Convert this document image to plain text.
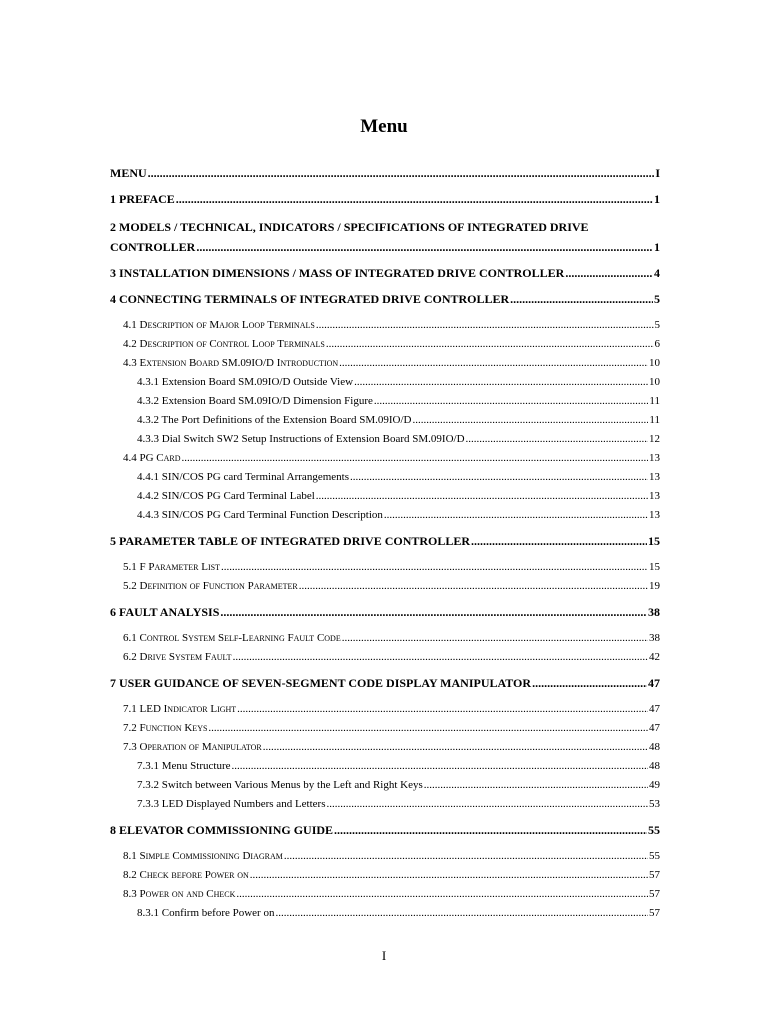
Menu
MENU .....	I
1 PREFACE .....	1
2 MODELS / TECHNICAL, INDICATORS / SPECIFICATIONS OF INTEGRATED DRIVE
CONTROLLER .....	1
3 INSTALLATION DIMENSIONS / MASS OF INTEGRATED DRIVE CONTROLLER .....	4
4 CONNECTING TERMINALS OF INTEGRATED DRIVE CONTROLLER .....	5
4.1 Description of Major Loop Terminals .....	5
4.2 Description of Control Loop Terminals .....	6
4.3 Extension Board SM.09IO/D Introduction .....	10
4.3.1 Extension Board SM.09IO/D Outside View .....	10
4.3.2 Extension Board SM.09IO/D Dimension Figure .....	11
4.3.2 The Port Definitions of the Extension Board SM.09IO/D .....	11
4.3.3 Dial Switch SW2 Setup Instructions of Extension Board SM.09IO/D .....	12
4.4 PG Card .....	13
4.4.1 SIN/COS PG card Terminal Arrangements .....	13
4.4.2 SIN/COS PG Card Terminal Label .....	13
4.4.3 SIN/COS PG Card Terminal Function Description .....	13
5 PARAMETER TABLE OF INTEGRATED DRIVE CONTROLLER .....	15
5.1 F Parameter List .....	15
5.2 Definition of Function Parameter .....	19
6 FAULT ANALYSIS .....	38
6.1 Control System Self-Learning Fault Code .....	38
6.2 Drive System Fault .....	42
7 USER GUIDANCE OF SEVEN-SEGMENT CODE DISPLAY MANIPULATOR .....	47
7.1 LED Indicator Light .....	47
7.2 Function Keys .....	47
7.3 Operation of Manipulator .....	48
7.3.1 Menu Structure .....	48
7.3.2 Switch between Various Menus by the Left and Right Keys .....	49
7.3.3 LED Displayed Numbers and Letters .....	53
8 ELEVATOR COMMISSIONING GUIDE .....	55
8.1 Simple Commissioning Diagram .....	55
8.2 Check before Power on .....	57
8.3 Power on and Check .....	57
8.3.1 Confirm before Power on .....	57
I
